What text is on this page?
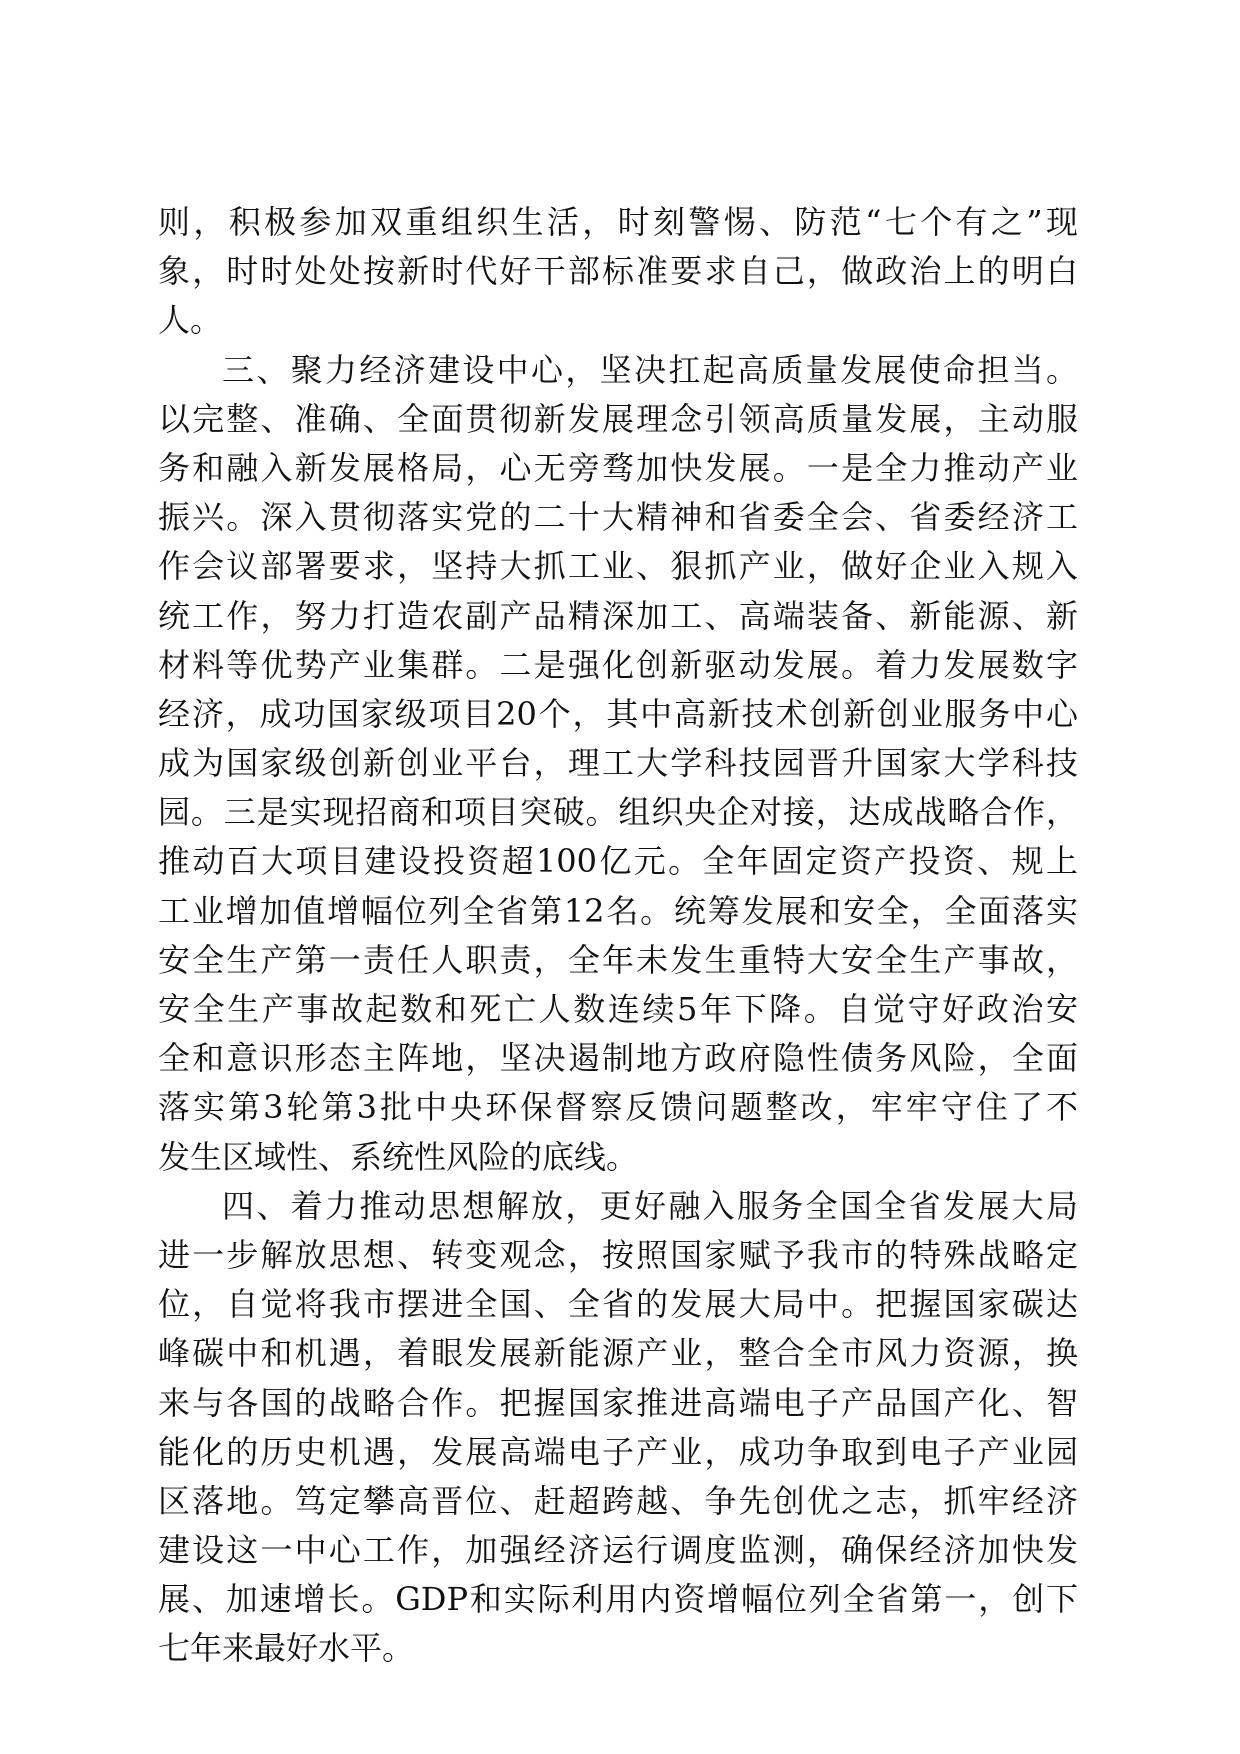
则，积极参加双重组织生活，时刻警惕、防范“七个有之”现
象，时时处处按新时代好干部标准要求自己，做政治上的明白
人。
三、聚力经济建设中心，坚决扛起高质量发展使命担当。
以完整、准确、全面贯彻新发展理念引领高质量发展，主动服
务和融入新发展格局，心无旁骛加快发展。一是全力推动产业
振兴。深入贯彻落实党的二十大精神和省委全会、省委经济工
作会议部署要求，坚持大抓工业、狠抓产业，做好企业入规入
统工作，努力打造农副产品精深加工、高端装备、新能源、新
材料等优势产业集群。二是强化创新驱动发展。着力发展数字
经济，成功国家级项目20个，其中高新技术创新创业服务中心
成为国家级创新创业平台，理工大学科技园晋升国家大学科技
园。三是实现招商和项目突破。组织央企对接，达成战略合作，
推动百大项目建设投资超100亿元。全年固定资产投资、规上
工业增加值增幅位列全省第12名。统筹发展和安全，全面落实
安全生产第一责任人职责，全年未发生重特大安全生产事故，
安全生产事故起数和死亡人数连续5年下降。自觉守好政治安
全和意识形态主阵地，坚决遏制地方政府隐性债务风险，全面
落实第3轮第3批中央环保督察反馈问题整改，牢牢守住了不
发生区域性、系统性风险的底线。
四、着力推动思想解放，更好融入服务全国全省发展大局
进一步解放思想、转变观念，按照国家赋予我市的特殊战略定
位，自觉将我市摆进全国、全省的发展大局中。把握国家碳达
峰碳中和机遇，着眼发展新能源产业，整合全市风力资源，换
来与各国的战略合作。把握国家推进高端电子产品国产化、智
能化的历史机遇，发展高端电子产业，成功争取到电子产业园
区落地。笃定攀高晋位、赶超跨越、争先创优之志，抓牢经济
建设这一中心工作，加强经济运行调度监测，确保经济加快发
展、加速增长。GDP和实际利用内资增幅位列全省第一，创下
七年来最好水平。
